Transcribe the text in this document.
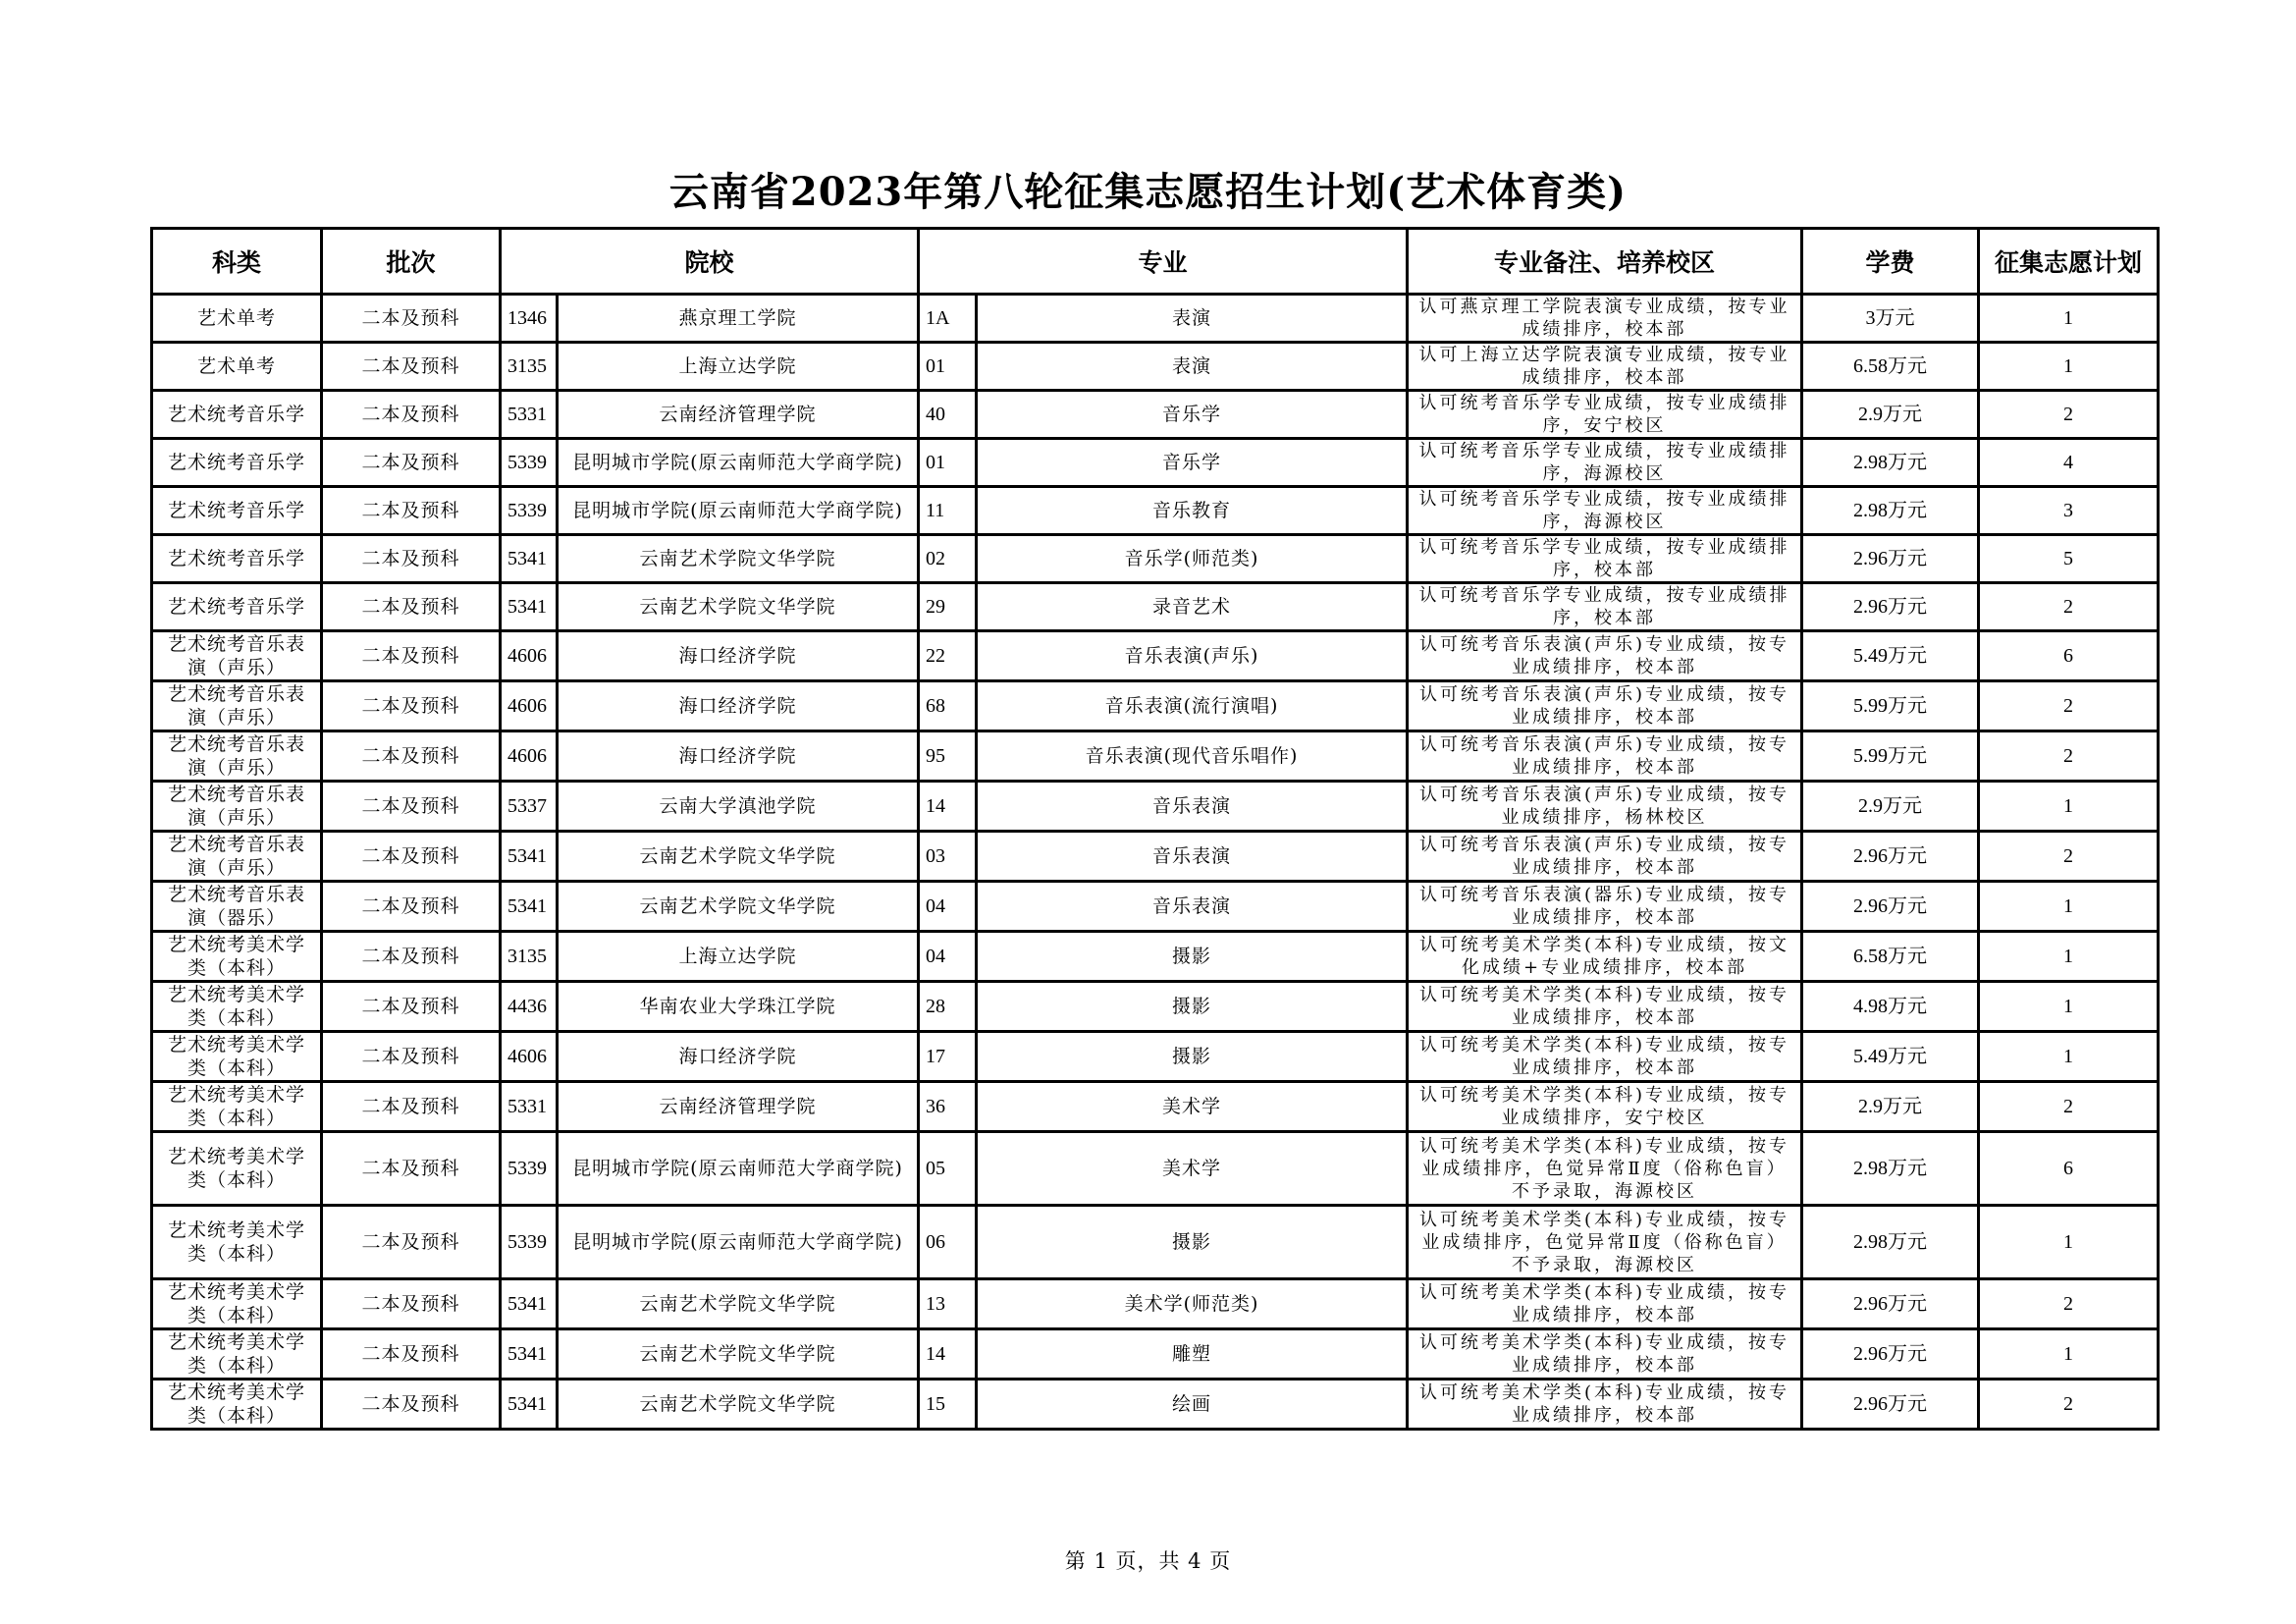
云南省2023年第八轮征集志愿招生计划(艺术体育类)
科类	批次	院校		专业		专业备注、培养校区	学费	征集志愿计划
艺术单考	二本及预科	1346	燕京理工学院	1A	表演	认可燕京理工学院表演专业成绩，按专业成绩排序，校本部	3万元	1
艺术单考	二本及预科	3135	上海立达学院	01	表演	认可上海立达学院表演专业成绩，按专业成绩排序，校本部	6.58万元	1
艺术统考音乐学	二本及预科	5331	云南经济管理学院	40	音乐学	认可统考音乐学专业成绩，按专业成绩排序，安宁校区	2.9万元	2
艺术统考音乐学	二本及预科	5339	昆明城市学院(原云南师范大学商学院)	01	音乐学	认可统考音乐学专业成绩，按专业成绩排序，海源校区	2.98万元	4
艺术统考音乐学	二本及预科	5339	昆明城市学院(原云南师范大学商学院)	11	音乐教育	认可统考音乐学专业成绩，按专业成绩排序，海源校区	2.98万元	3
艺术统考音乐学	二本及预科	5341	云南艺术学院文华学院	02	音乐学(师范类)	认可统考音乐学专业成绩，按专业成绩排序，校本部	2.96万元	5
艺术统考音乐学	二本及预科	5341	云南艺术学院文华学院	29	录音艺术	认可统考音乐学专业成绩，按专业成绩排序，校本部	2.96万元	2
艺术统考音乐表演（声乐）	二本及预科	4606	海口经济学院	22	音乐表演(声乐)	认可统考音乐表演(声乐)专业成绩，按专业成绩排序，校本部	5.49万元	6
艺术统考音乐表演（声乐）	二本及预科	4606	海口经济学院	68	音乐表演(流行演唱)	认可统考音乐表演(声乐)专业成绩，按专业成绩排序，校本部	5.99万元	2
艺术统考音乐表演（声乐）	二本及预科	4606	海口经济学院	95	音乐表演(现代音乐唱作)	认可统考音乐表演(声乐)专业成绩，按专业成绩排序，校本部	5.99万元	2
艺术统考音乐表演（声乐）	二本及预科	5337	云南大学滇池学院	14	音乐表演	认可统考音乐表演(声乐)专业成绩，按专业成绩排序，杨林校区	2.9万元	1
艺术统考音乐表演（声乐）	二本及预科	5341	云南艺术学院文华学院	03	音乐表演	认可统考音乐表演(声乐)专业成绩，按专业成绩排序，校本部	2.96万元	2
艺术统考音乐表演（器乐）	二本及预科	5341	云南艺术学院文华学院	04	音乐表演	认可统考音乐表演(器乐)专业成绩，按专业成绩排序，校本部	2.96万元	1
艺术统考美术学类（本科）	二本及预科	3135	上海立达学院	04	摄影	认可统考美术学类(本科)专业成绩，按文化成绩+专业成绩排序，校本部	6.58万元	1
艺术统考美术学类（本科）	二本及预科	4436	华南农业大学珠江学院	28	摄影	认可统考美术学类(本科)专业成绩，按专业成绩排序，校本部	4.98万元	1
艺术统考美术学类（本科）	二本及预科	4606	海口经济学院	17	摄影	认可统考美术学类(本科)专业成绩，按专业成绩排序，校本部	5.49万元	1
艺术统考美术学类（本科）	二本及预科	5331	云南经济管理学院	36	美术学	认可统考美术学类(本科)专业成绩，按专业成绩排序，安宁校区	2.9万元	2
艺术统考美术学类（本科）	二本及预科	5339	昆明城市学院(原云南师范大学商学院)	05	美术学	认可统考美术学类(本科)专业成绩，按专业成绩排序，色觉异常Ⅱ度（俗称色盲）不予录取，海源校区	2.98万元	6
艺术统考美术学类（本科）	二本及预科	5339	昆明城市学院(原云南师范大学商学院)	06	摄影	认可统考美术学类(本科)专业成绩，按专业成绩排序，色觉异常Ⅱ度（俗称色盲）不予录取，海源校区	2.98万元	1
艺术统考美术学类（本科）	二本及预科	5341	云南艺术学院文华学院	13	美术学(师范类)	认可统考美术学类(本科)专业成绩，按专业成绩排序，校本部	2.96万元	2
艺术统考美术学类（本科）	二本及预科	5341	云南艺术学院文华学院	14	雕塑	认可统考美术学类(本科)专业成绩，按专业成绩排序，校本部	2.96万元	1
艺术统考美术学类（本科）	二本及预科	5341	云南艺术学院文华学院	15	绘画	认可统考美术学类(本科)专业成绩，按专业成绩排序，校本部	2.96万元	2
第 1 页，共 4 页
